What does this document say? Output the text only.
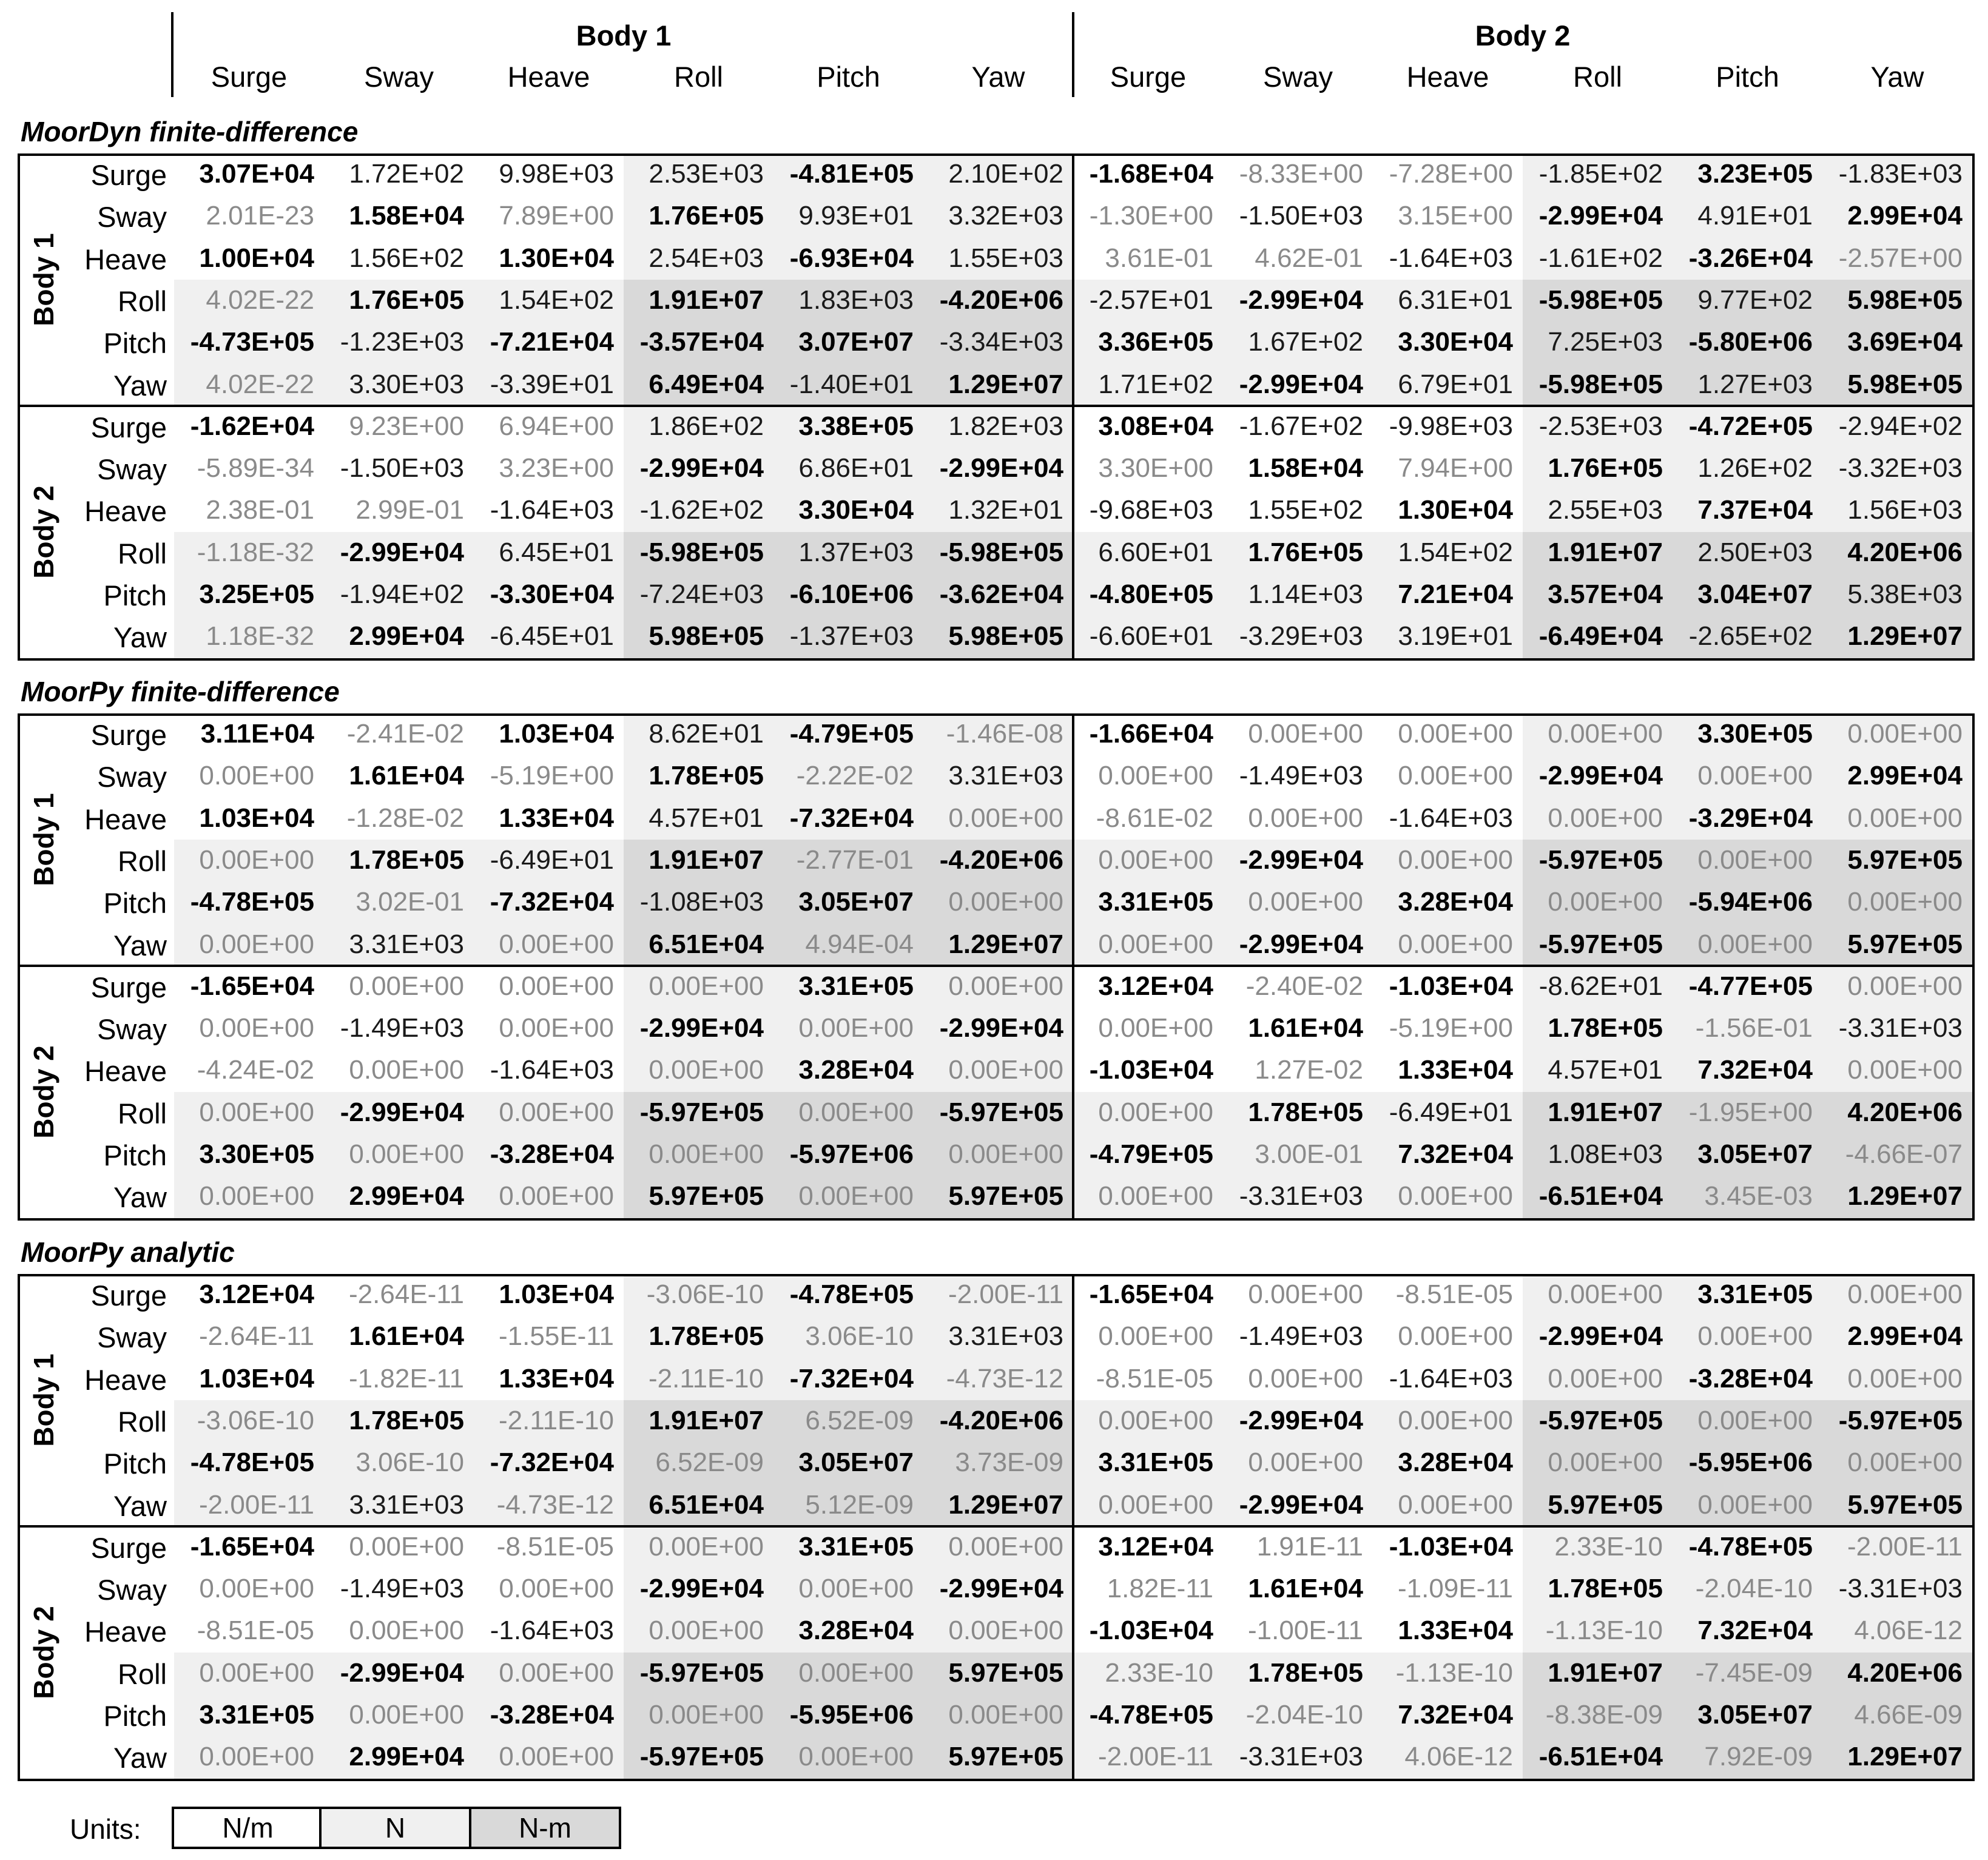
Body 1
Surge	Sway	Heave	Roll	Pitch	Yaw
Body 2
Surge	Sway	Heave	Roll	Pitch	Yaw
MoorDyn finite-difference
Body 1
Body 2
Surge	3.07E+04	1.72E+02	9.98E+03	2.53E+03 -4.81E+05	2.10E+02 -1.68E+04 -8.33E+00 -7.28E+00 -1.85E+02	3.23E+05 -1.83E+03
Sway	2.01E-23	1.58E+04	7.89E+00	1.76E+05	9.93E+01	3.32E+03 -1.30E+00 -1.50E+03	3.15E+00 -2.99E+04	4.91E+01	2.99E+04
Heave	1.00E+04	1.56E+02	1.30E+04	2.54E+03 -6.93E+04	1.55E+03	3.61E-01	4.62E-01 -1.64E+03 -1.61E+02 -3.26E+04 -2.57E+00
Roll	4.02E-22	1.76E+05	1.54E+02	1.91E+07	1.83E+03 -4.20E+06 -2.57E+01 -2.99E+04	6.31E+01 -5.98E+05	9.77E+02	5.98E+05
Pitch -4.73E+05 -1.23E+03 -7.21E+04 -3.57E+04	3.07E+07 -3.34E+03	3.36E+05	1.67E+02	3.30E+04	7.25E+03 -5.80E+06	3.69E+04
Yaw	4.02E-22	3.30E+03 -3.39E+01	6.49E+04 -1.40E+01	1.29E+07	1.71E+02 -2.99E+04	6.79E+01 -5.98E+05	1.27E+03	5.98E+05
Surge -1.62E+04	9.23E+00	6.94E+00	1.86E+02	3.38E+05	1.82E+03	3.08E+04 -1.67E+02 -9.98E+03 -2.53E+03 -4.72E+05 -2.94E+02
Sway	-5.89E-34 -1.50E+03	3.23E+00 -2.99E+04	6.86E+01 -2.99E+04	3.30E+00	1.58E+04	7.94E+00	1.76E+05	1.26E+02 -3.32E+03
Heave	2.38E-01	2.99E-01 -1.64E+03 -1.62E+02	3.30E+04	1.32E+01 -9.68E+03	1.55E+02	1.30E+04	2.55E+03	7.37E+04	1.56E+03
Roll	-1.18E-32 -2.99E+04	6.45E+01 -5.98E+05	1.37E+03 -5.98E+05	6.60E+01	1.76E+05	1.54E+02	1.91E+07	2.50E+03	4.20E+06
Pitch	3.25E+05 -1.94E+02 -3.30E+04 -7.24E+03 -6.10E+06 -3.62E+04 -4.80E+05	1.14E+03	7.21E+04	3.57E+04	3.04E+07	5.38E+03
Yaw	1.18E-32	2.99E+04 -6.45E+01	5.98E+05 -1.37E+03	5.98E+05 -6.60E+01 -3.29E+03	3.19E+01 -6.49E+04 -2.65E+02	1.29E+07
MoorPy finite-difference
Body 1
Body 2
Surge	3.11E+04	-2.41E-02	1.03E+04	8.62E+01 -4.79E+05	-1.46E-08 -1.66E+04	0.00E+00	0.00E+00	0.00E+00	3.30E+05	0.00E+00
Sway	0.00E+00	1.61E+04 -5.19E+00	1.78E+05	-2.22E-02	3.31E+03	0.00E+00 -1.49E+03	0.00E+00 -2.99E+04	0.00E+00	2.99E+04
Heave	1.03E+04	-1.28E-02	1.33E+04	4.57E+01 -7.32E+04	0.00E+00	-8.61E-02	0.00E+00 -1.64E+03	0.00E+00 -3.29E+04	0.00E+00
Roll	0.00E+00	1.78E+05 -6.49E+01	1.91E+07	-2.77E-01 -4.20E+06	0.00E+00 -2.99E+04	0.00E+00 -5.97E+05	0.00E+00	5.97E+05
Pitch -4.78E+05	3.02E-01 -7.32E+04 -1.08E+03	3.05E+07	0.00E+00	3.31E+05	0.00E+00	3.28E+04	0.00E+00 -5.94E+06	0.00E+00
Yaw	0.00E+00	3.31E+03	0.00E+00	6.51E+04	4.94E-04	1.29E+07	0.00E+00 -2.99E+04	0.00E+00 -5.97E+05	0.00E+00	5.97E+05
Surge -1.65E+04	0.00E+00	0.00E+00	0.00E+00	3.31E+05	0.00E+00	3.12E+04	-2.40E-02 -1.03E+04 -8.62E+01 -4.77E+05	0.00E+00
Sway	0.00E+00 -1.49E+03	0.00E+00 -2.99E+04	0.00E+00 -2.99E+04	0.00E+00	1.61E+04 -5.19E+00	1.78E+05	-1.56E-01 -3.31E+03
Heave	-4.24E-02	0.00E+00 -1.64E+03	0.00E+00	3.28E+04	0.00E+00 -1.03E+04	1.27E-02	1.33E+04	4.57E+01	7.32E+04	0.00E+00
Roll	0.00E+00 -2.99E+04	0.00E+00 -5.97E+05	0.00E+00 -5.97E+05	0.00E+00	1.78E+05 -6.49E+01	1.91E+07 -1.95E+00	4.20E+06
Pitch	3.30E+05	0.00E+00 -3.28E+04	0.00E+00 -5.97E+06	0.00E+00 -4.79E+05	3.00E-01	7.32E+04	1.08E+03	3.05E+07	-4.66E-07
Yaw	0.00E+00	2.99E+04	0.00E+00	5.97E+05	0.00E+00	5.97E+05	0.00E+00 -3.31E+03	0.00E+00 -6.51E+04	3.45E-03	1.29E+07
MoorPy analytic
Body 1
Body 2
Surge	3.12E+04	-2.64E-11	1.03E+04	-3.06E-10 -4.78E+05	-2.00E-11 -1.65E+04	0.00E+00	-8.51E-05	0.00E+00	3.31E+05	0.00E+00
Sway	-2.64E-11	1.61E+04	-1.55E-11	1.78E+05	3.06E-10	3.31E+03	0.00E+00 -1.49E+03	0.00E+00 -2.99E+04	0.00E+00	2.99E+04
Heave	1.03E+04	-1.82E-11	1.33E+04	-2.11E-10 -7.32E+04	-4.73E-12	-8.51E-05	0.00E+00 -1.64E+03	0.00E+00 -3.28E+04	0.00E+00
Roll	-3.06E-10	1.78E+05	-2.11E-10	1.91E+07	6.52E-09 -4.20E+06	0.00E+00 -2.99E+04	0.00E+00 -5.97E+05	0.00E+00 -5.97E+05
Pitch -4.78E+05	3.06E-10 -7.32E+04	6.52E-09	3.05E+07	3.73E-09	3.31E+05	0.00E+00	3.28E+04	0.00E+00 -5.95E+06	0.00E+00
Yaw	-2.00E-11	3.31E+03	-4.73E-12	6.51E+04	5.12E-09	1.29E+07	0.00E+00 -2.99E+04	0.00E+00	5.97E+05	0.00E+00	5.97E+05
Surge -1.65E+04	0.00E+00	-8.51E-05	0.00E+00	3.31E+05	0.00E+00	3.12E+04	1.91E-11 -1.03E+04	2.33E-10 -4.78E+05	-2.00E-11
Sway	0.00E+00 -1.49E+03	0.00E+00 -2.99E+04	0.00E+00 -2.99E+04	1.82E-11	1.61E+04	-1.09E-11	1.78E+05	-2.04E-10 -3.31E+03
Heave	-8.51E-05	0.00E+00 -1.64E+03	0.00E+00	3.28E+04	0.00E+00 -1.03E+04	-1.00E-11	1.33E+04	-1.13E-10	7.32E+04	4.06E-12
Roll	0.00E+00 -2.99E+04	0.00E+00 -5.97E+05	0.00E+00	5.97E+05	2.33E-10	1.78E+05	-1.13E-10	1.91E+07	-7.45E-09	4.20E+06
Pitch	3.31E+05	0.00E+00 -3.28E+04	0.00E+00 -5.95E+06	0.00E+00 -4.78E+05	-2.04E-10	7.32E+04	-8.38E-09	3.05E+07	4.66E-09
Yaw	0.00E+00	2.99E+04	0.00E+00 -5.97E+05	0.00E+00	5.97E+05	-2.00E-11 -3.31E+03	4.06E-12 -6.51E+04	7.92E-09	1.29E+07
Units:	N/m	N	N-m
